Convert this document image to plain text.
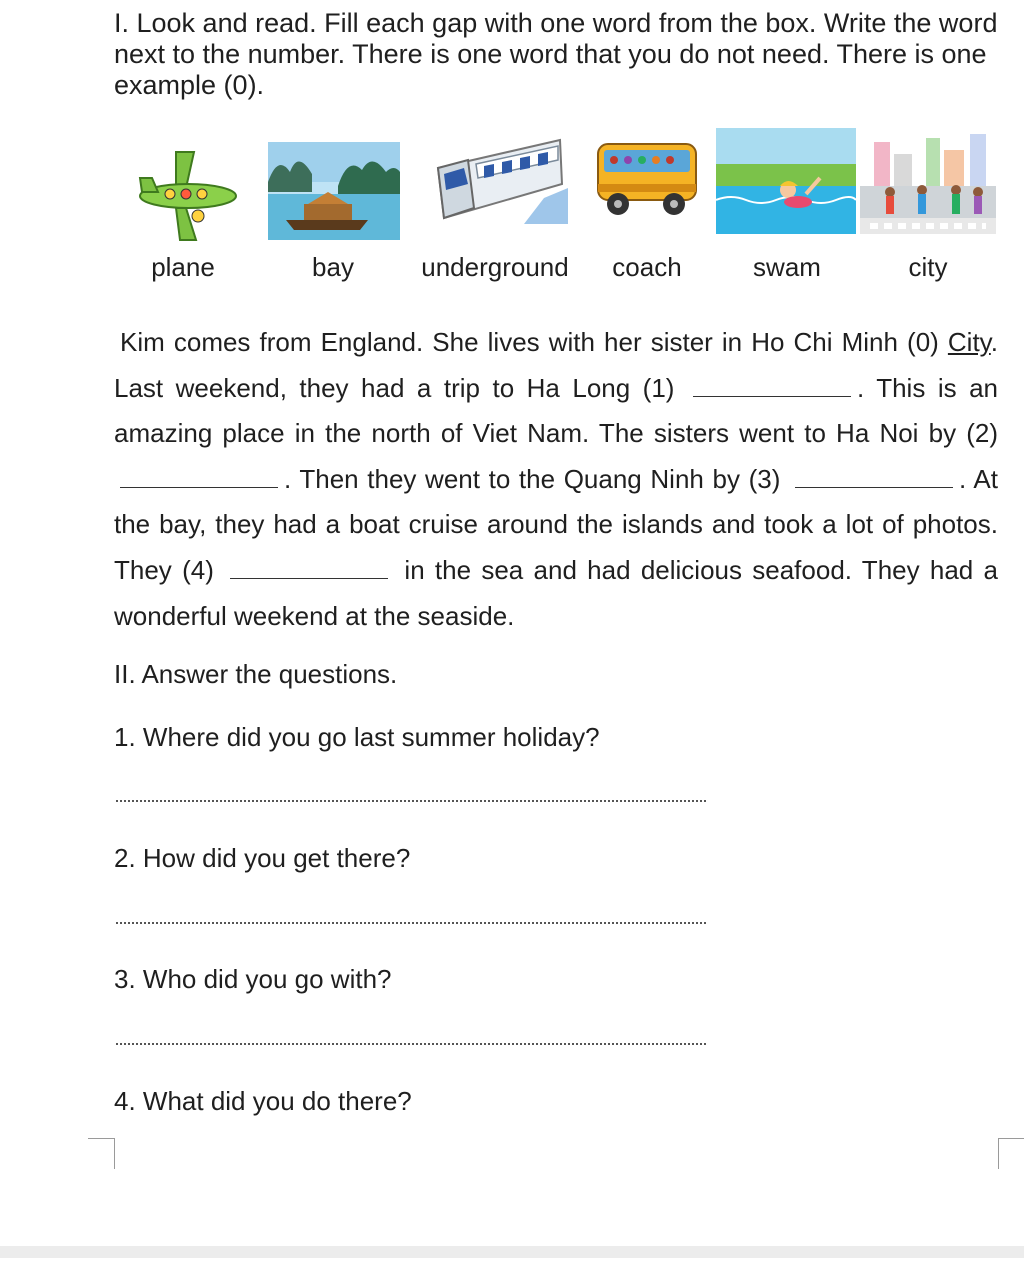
I. Look and read. Fill each gap with one word from the box. Write the word next to the number. There is one word that you do not need. There is one example (0).

plane	bay	underground	coach	swam	city

Kim comes from England. She lives with her sister in Ho Chi Minh (0) City. Last weekend, they had a trip to Ha Long (1)	. This is an amazing place in the north of Viet Nam. The sisters went to Ha Noi by (2) . Then they went to the Quang Ninh by (3)	. At the bay, they had a boat cruise around the islands and took a lot of photos. They (4)	in the sea and had delicious seafood. They had a wonderful weekend at the seaside.

II. Answer the questions.

1. Where did you go last summer holiday?

2. How did you get there?

3. Who did you go with?

4. What did you do there?
